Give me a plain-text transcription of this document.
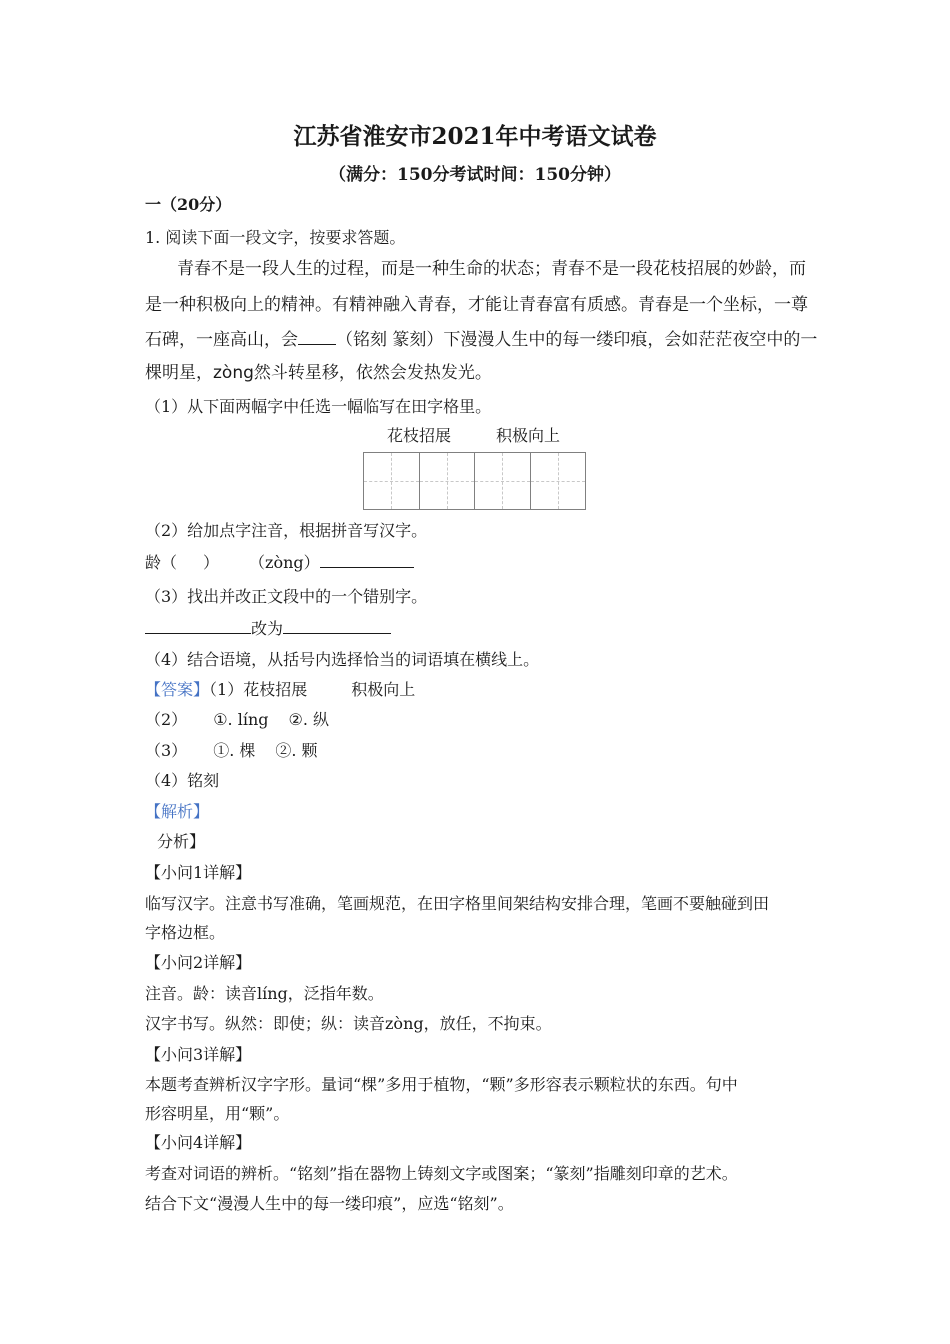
江苏省淮安市2021年中考语文试卷
（满分：150分考试时间：150分钟）
一（20分）
1. 阅读下面一段文字，按要求答题。
青春不是一段人生的过程，而是一种生命的状态；青春不是一段花枝招展的妙龄，而
是一种积极向上的精神。有精神融入青春，才能让青春富有质感。青春是一个坐标，一尊
石碑，一座高山，会 （铭刻 篆刻）下漫漫人生中的每一缕印痕，会如茫茫夜空中的一
棵明星，zòng然斗转星移，依然会发热发光。
（1）从下面两幅字中任选一幅临写在田字格里。
花枝招展	积极向上
（2）给加点字注音，根据拼音写汉字。
龄（ ） （zòng）
（3）找出并改正文段中的一个错别字。
改为
（4）结合语境，从括号内选择恰当的词语填在横线上。
【答案】（1）花枝招展	积极向上
（2） ①. líng ②. 纵
（3） ①. 棵 ②. 颗
（4）铭刻
【解析】
分析】
【小问1详解】
临写汉字。注意书写准确，笔画规范，在田字格里间架结构安排合理，笔画不要触碰到田
字格边框。
【小问2详解】
注音。龄：读音líng，泛指年数。
汉字书写。纵然：即使；纵：读音zòng，放任，不拘束。
【小问3详解】
本题考查辨析汉字字形。量词“棵”多用于植物，“颗”多形容表示颗粒状的东西。句中
形容明星，用“颗”。
【小问4详解】
考查对词语的辨析。“铭刻”指在器物上铸刻文字或图案；“篆刻”指雕刻印章的艺术。
结合下文“漫漫人生中的每一缕印痕”，应选“铭刻”。
